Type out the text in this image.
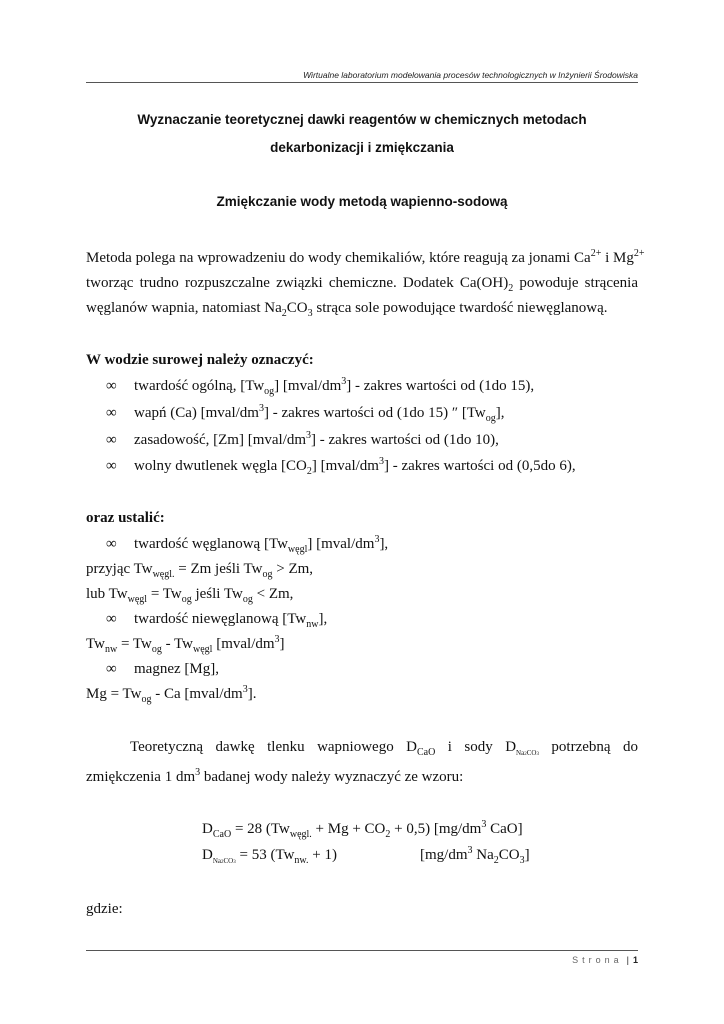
Wirtualne laboratorium modelowania procesów technologicznych w Inżynierii Środowiska
Wyznaczanie teoretycznej dawki reagentów w chemicznych metodach
dekarbonizacji i zmiękczania
Zmiękczanie wody metodą wapienno-sodową
Metoda polega na wprowadzeniu do wody chemikaliów, które reagują za jonami $Ca^{2+}$ i $Mg^{2+}$
tworząc trudno rozpuszczalne związki chemiczne. Dodatek $Ca(OH)_2$ powoduje strącenia
węglanów wapnia, natomiast $Na_2CO_3$ strąca sole powodujące twardość niewęglanową.
W wodzie surowej należy oznaczyć:
∞ twardość ogólną, $[Tw_{og}]$ $[mval/dm^3]$ - zakres wartości od (1do 15),
∞ wapń (Ca) $[mval/dm^3]$ - zakres wartości od (1do 15) ″ $[Tw_{og}]$,
∞ zasadowość, [Zm] $[mval/dm^3]$ - zakres wartości od (1do 10),
∞ wolny dwutlenek węgla $[CO_2]$ $[mval/dm^3]$ - zakres wartości od (0,5do 6),
oraz ustalić:
∞ twardość węglanową $[Tw_{węgl}]$ $[mval/dm^3]$,
przyjąc $Tw_{węgl.} = Zm$ jeśli $Tw_{og} > Zm$,
lub $Tw_{węgl} = Tw_{og}$ jeśli $Tw_{og} < Zm$,
∞ twardość niewęglanową $[Tw_{nw}]$,
$Tw_{nw} = Tw_{og} - Tw_{węgl}$ $[mval/dm^3]$
∞ magnez [Mg],
$Mg = Tw_{og} - Ca$ $[mval/dm^3]$.
Teoretyczną dawkę tlenku wapniowego $D_{CaO}$ i sody $D_{Na2CO3}$ potrzebną do
zmiękczenia 1 $dm^3$ badanej wody należy wyznaczyć ze wzoru:
$D_{CaO} = 28$ $(Tw_{węgl.} + Mg + CO_2 + 0,5)$ [$mg/dm^3$ CaO]
$D_{Na2CO3} = 53$ $(Tw_{nw.} + 1)$	[$mg/dm^3$ $Na_2CO_3$]
gdzie:
Strona | 1
